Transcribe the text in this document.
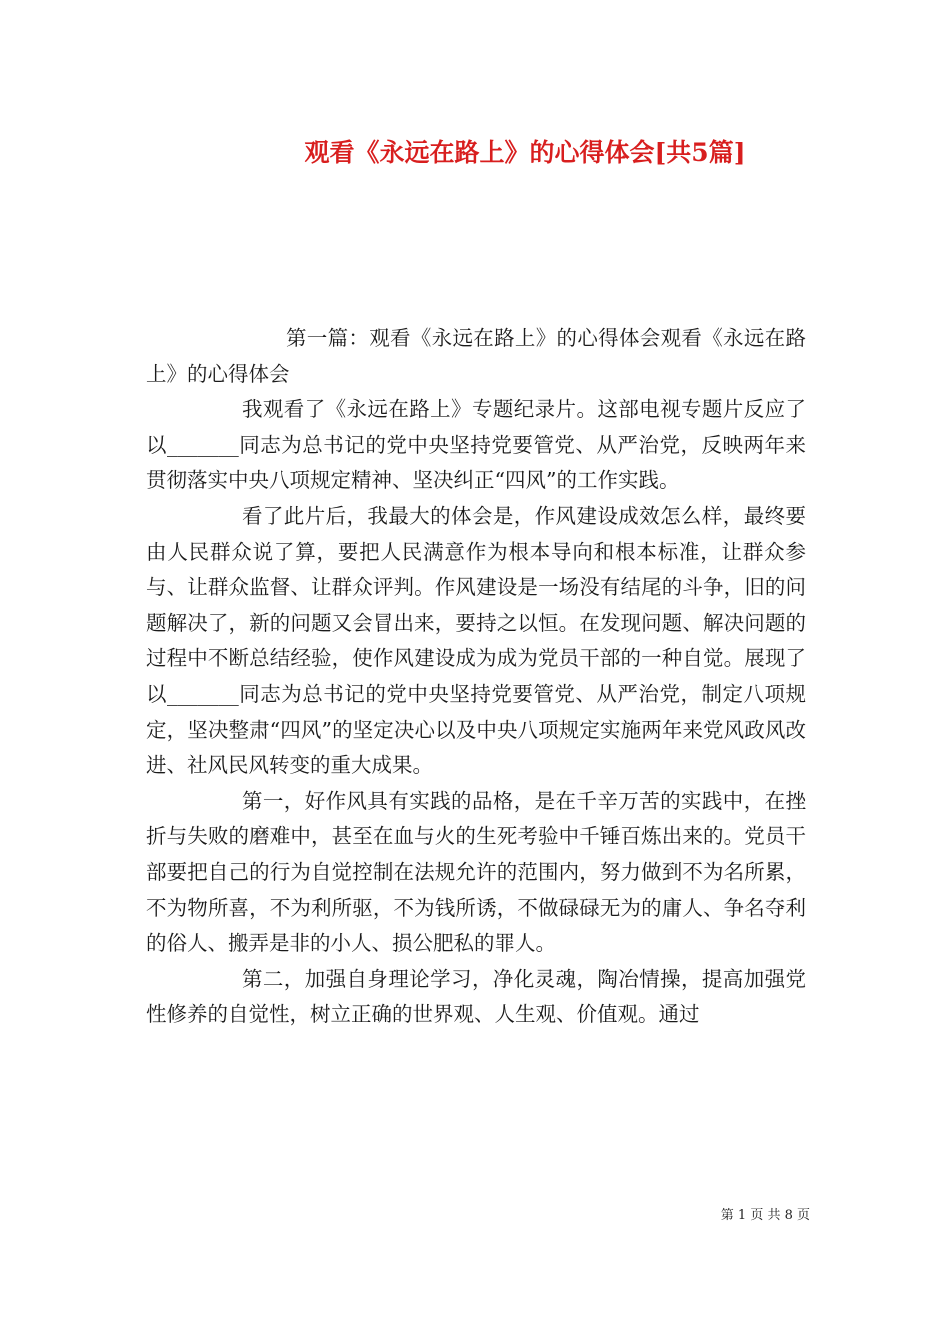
观看《永远在路上》的心得体会[共5篇]

第一篇：观看《永远在路上》的心得体会观看《永远在路上》的心得体会

我观看了《永远在路上》专题纪录片。这部电视专题片反应了以_______同志为总书记的党中央坚持党要管党、从严治党，反映两年来贯彻落实中央八项规定精神、坚决纠正“四风”的工作实践。

看了此片后，我最大的体会是，作风建设成效怎么样，最终要由人民群众说了算，要把人民满意作为根本导向和根本标准，让群众参与、让群众监督、让群众评判。作风建设是一场没有结尾的斗争，旧的问题解决了，新的问题又会冒出来，要持之以恒。在发现问题、解决问题的过程中不断总结经验，使作风建设成为成为党员干部的一种自觉。展现了以_______同志为总书记的党中央坚持党要管党、从严治党，制定八项规定，坚决整肃“四风”的坚定决心以及中央八项规定实施两年来党风政风改进、社风民风转变的重大成果。

第一，好作风具有实践的品格，是在千辛万苦的实践中，在挫折与失败的磨难中，甚至在血与火的生死考验中千锤百炼出来的。党员干部要把自己的行为自觉控制在法规允许的范围内，努力做到不为名所累，不为物所喜，不为利所驱，不为钱所诱，不做碌碌无为的庸人、争名夺利的俗人、搬弄是非的小人、损公肥私的罪人。

第二，加强自身理论学习，净化灵魂，陶冶情操，提高加强党性修养的自觉性，树立正确的世界观、人生观、价值观。通过

第 1 页 共 8 页
